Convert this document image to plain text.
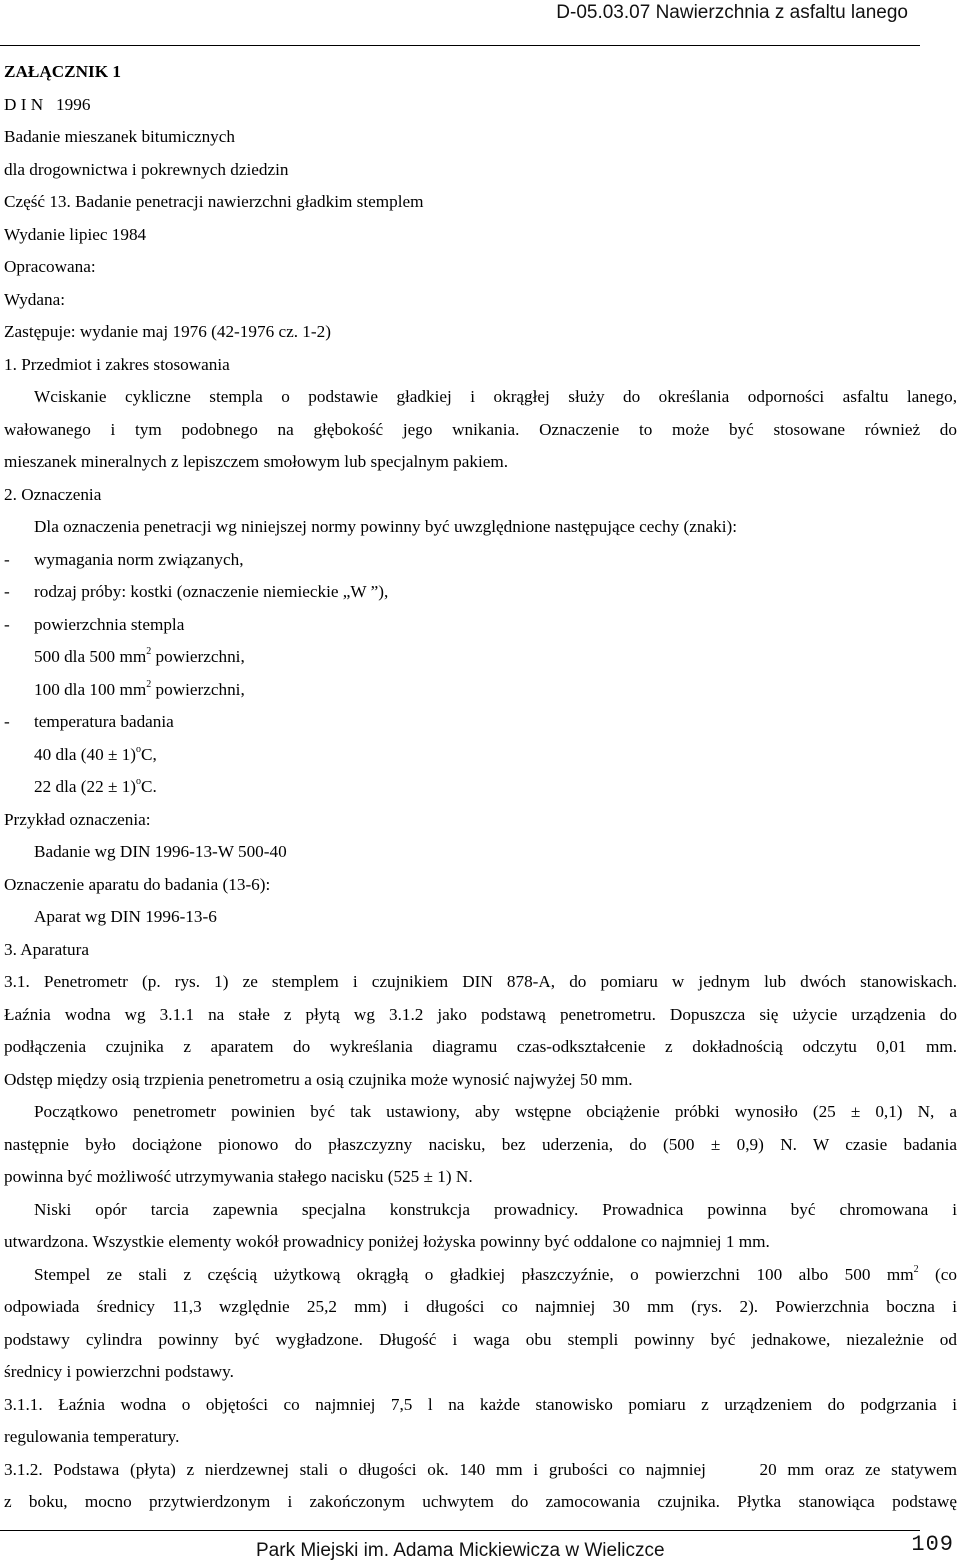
D-05.03.07 Nawierzchnia z asfaltu lanego
ZAŁĄCZNIK 1
D I N   1996
Badanie mieszanek bitumicznych
dla drogownictwa i pokrewnych dziedzin
Część 13. Badanie penetracji nawierzchni gładkim stemplem
Wydanie lipiec 1984
Opracowana:
Wydana:
Zastępuje: wydanie maj 1976 (42-1976 cz. 1-2)
1. Przedmiot i zakres stosowania
Wciskanie cykliczne stempla o podstawie gładkiej i okrągłej służy do określania odporności asfaltu lanego,
wałowanego i tym podobnego na głębokość jego wnikania. Oznaczenie to może być stosowane również do
mieszanek mineralnych z lepiszczem smołowym lub specjalnym pakiem.
2. Oznaczenia
Dla oznaczenia penetracji wg niniejszej normy powinny być uwzględnione następujące cechy (znaki):
- wymagania norm związanych,
- rodzaj próby: kostki (oznaczenie niemieckie „W ”),
- powierzchnia stempla
500 dla 500 $mm^2$ powierzchni,
100 dla 100 $mm^2$ powierzchni,
- temperatura badania
40 dla $(40 \pm 1)^oC$,
22 dla $(22 \pm 1)^oC$.
Przykład oznaczenia:
Badanie wg DIN 1996-13-W 500-40
Oznaczenie aparatu do badania (13-6):
Aparat wg DIN 1996-13-6
3. Aparatura
3.1. Penetrometr (p. rys. 1) ze stemplem i czujnikiem DIN 878-A, do pomiaru w jednym lub dwóch stanowiskach.
Łaźnia wodna wg 3.1.1 na stałe z płytą wg 3.1.2 jako podstawą penetrometru. Dopuszcza się użycie urządzenia do
podłączenia czujnika z aparatem do wykreślania diagramu czas-odkształcenie z dokładnością odczytu 0,01 mm.
Odstęp między osią trzpienia penetrometru a osią czujnika może wynosić najwyżej 50 mm.
Początkowo penetrometr powinien być tak ustawiony, aby wstępne obciążenie próbki wynosiło (25 ± 0,1) N, a
następnie było dociążone pionowo do płaszczyzny nacisku, bez uderzenia, do (500 ± 0,9) N. W czasie badania
powinna być możliwość utrzymywania stałego nacisku (525 ± 1) N.
Niski opór tarcia zapewnia specjalna konstrukcja prowadnicy. Prowadnica powinna być chromowana i
utwardzona. Wszystkie elementy wokół prowadnicy poniżej łożyska powinny być oddalone co najmniej 1 mm.
Stempel ze stali z częścią użytkową okrągłą o gładkiej płaszczyźnie, o powierzchni 100 albo 500 $mm^2$ (co
odpowiada średnicy 11,3 względnie 25,2 mm) i długości co najmniej 30 mm (rys. 2). Powierzchnia boczna i
podstawy cylindra powinny być wygładzone. Długość i waga obu stempli powinny być jednakowe, niezależnie od
średnicy i powierzchni podstawy.
3.1.1. Łaźnia wodna o objętości co najmniej 7,5 l na każde stanowisko pomiaru z urządzeniem do podgrzania i
regulowania temperatury.
3.1.2. Podstawa (płyta) z nierdzewnej stali o długości ok. 140 mm i grubości co najmniej     20 mm oraz ze statywem
z boku, mocno przytwierdzonym i zakończonym uchwytem do zamocowania czujnika. Płytka stanowiąca podstawę
Park Miejski im. Adama Mickiewicza w Wieliczce	109
